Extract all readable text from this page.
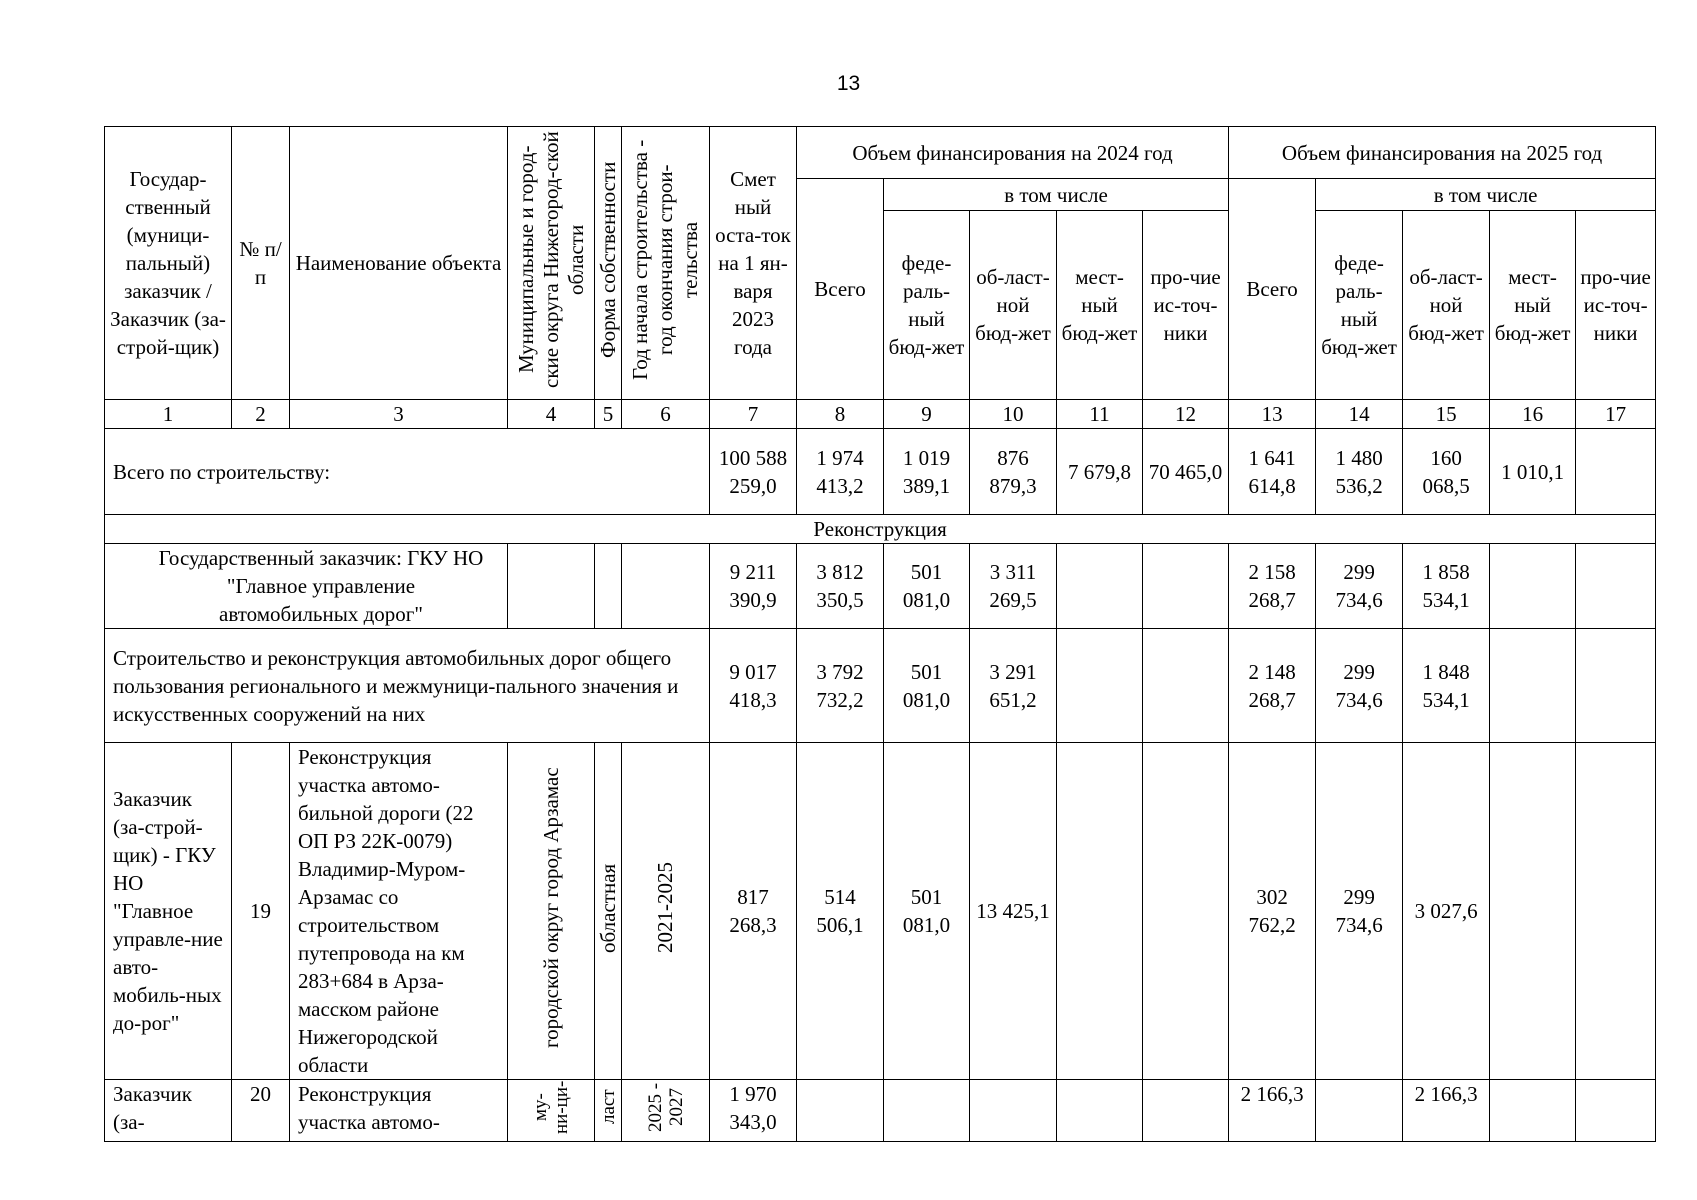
13
Государ-ственный (муници-пальный) заказчик /Заказчик (за-строй-щик)	№ п/п	Наименование объекта	Муниципальные и город-ские округа Нижегород-ской области	Форма собственности	Год начала строительства - год окончания строи-тельства	Смет ный оста-ток на 1 ян-варя 2023 года	Объем финансирования на 2024 год					Объем финансирования на 2025 год				
							Всего	в том числе				Всего	в том числе			
								феде-раль-ный бюд-жет	об-ласт-ной бюд-жет	мест-ный бюд-жет	про-чие ис-точ-ники		феде-раль-ный бюд-жет	об-ласт-ной бюд-жет	мест-ный бюд-жет	про-чие ис-точ-ники
1	2	3	4	5	6	7	8	9	10	11	12	13	14	15	16	17
Всего по строительству:						100 588 259,0	1 974 413,2	1 019 389,1	876 879,3	7 679,8	70 465,0	1 641 614,8	1 480 536,2	160 068,5	1 010,1	
Реконструкция																
Государственный заказчик: ГКУ НО "Главное управление автомобильных дорог"						9 211 390,9	3 812 350,5	501 081,0	3 311 269,5			2 158 268,7	299 734,6	1 858 534,1		
Строительство и реконструкция автомобильных дорог общего пользования регионального и межмуници-пального значения и искусственных сооружений на них						9 017 418,3	3 792 732,2	501 081,0	3 291 651,2			2 148 268,7	299 734,6	1 848 534,1		
Заказчик (за-строй-щик) - ГКУ НО "Главное управле-ние авто-мобиль-ных до-рог"	19	Реконструкция участка автомо-бильной дороги (22 ОП РЗ 22К-0079) Владимир-Муром-Арзамас со строительством путепровода на км 283+684 в Арза-масском районе Нижегородской области	городской округ город Арзамас	областная	2021-2025	817 268,3	514 506,1	501 081,0	13 425,1			302 762,2	299 734,6	3 027,6		
Заказчик (за-	20	Реконструкция участка автомо-	му-ни-ци-	ласт	2025 - 2027	1 970 343,0						2 166,3		2 166,3		
